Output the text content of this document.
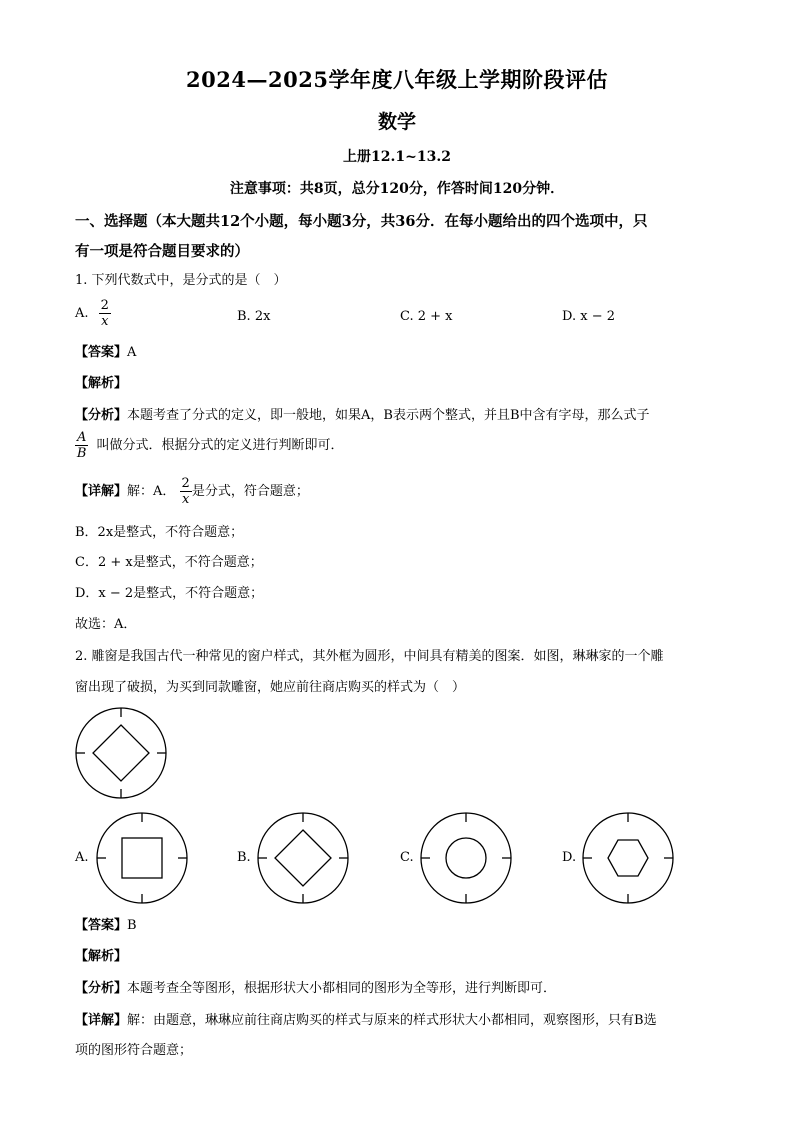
2024—2025学年度八年级上学期阶段评估
数学
上册12.1~13.2
注意事项：共8页，总分120分，作答时间120分钟．
一、选择题（本大题共12个小题，每小题3分，共36分．在每小题给出的四个选项中，只
有一项是符合题目要求的）
1. 下列代数式中，是分式的是（　）
A. $\frac{2}{x}$	B. 2x	C. 2 + x	D. x − 2
【答案】A
【解析】
【分析】本题考查了分式的定义，即一般地，如果A，B表示两个整式，并且B中含有字母，那么式子
$\frac{A}{B}$ 叫做分式．根据分式的定义进行判断即可．
【详解】解：A． $\frac{2}{x}$ 是分式，符合题意；
B．2x是整式，不符合题意；
C．2 + x是整式，不符合题意；
D．x − 2是整式，不符合题意；
故选：A．
2. 雕窗是我国古代一种常见的窗户样式，其外框为圆形，中间具有精美的图案．如图，琳琳家的一个雕
窗出现了破损，为买到同款雕窗，她应前往商店购买的样式为（　）
A.	B.	C.	D.
【答案】B
【解析】
【分析】本题考查全等图形，根据形状大小都相同的图形为全等形，进行判断即可．
【详解】解：由题意，琳琳应前往商店购买的样式与原来的样式形状大小都相同，观察图形，只有B选
项的图形符合题意；
